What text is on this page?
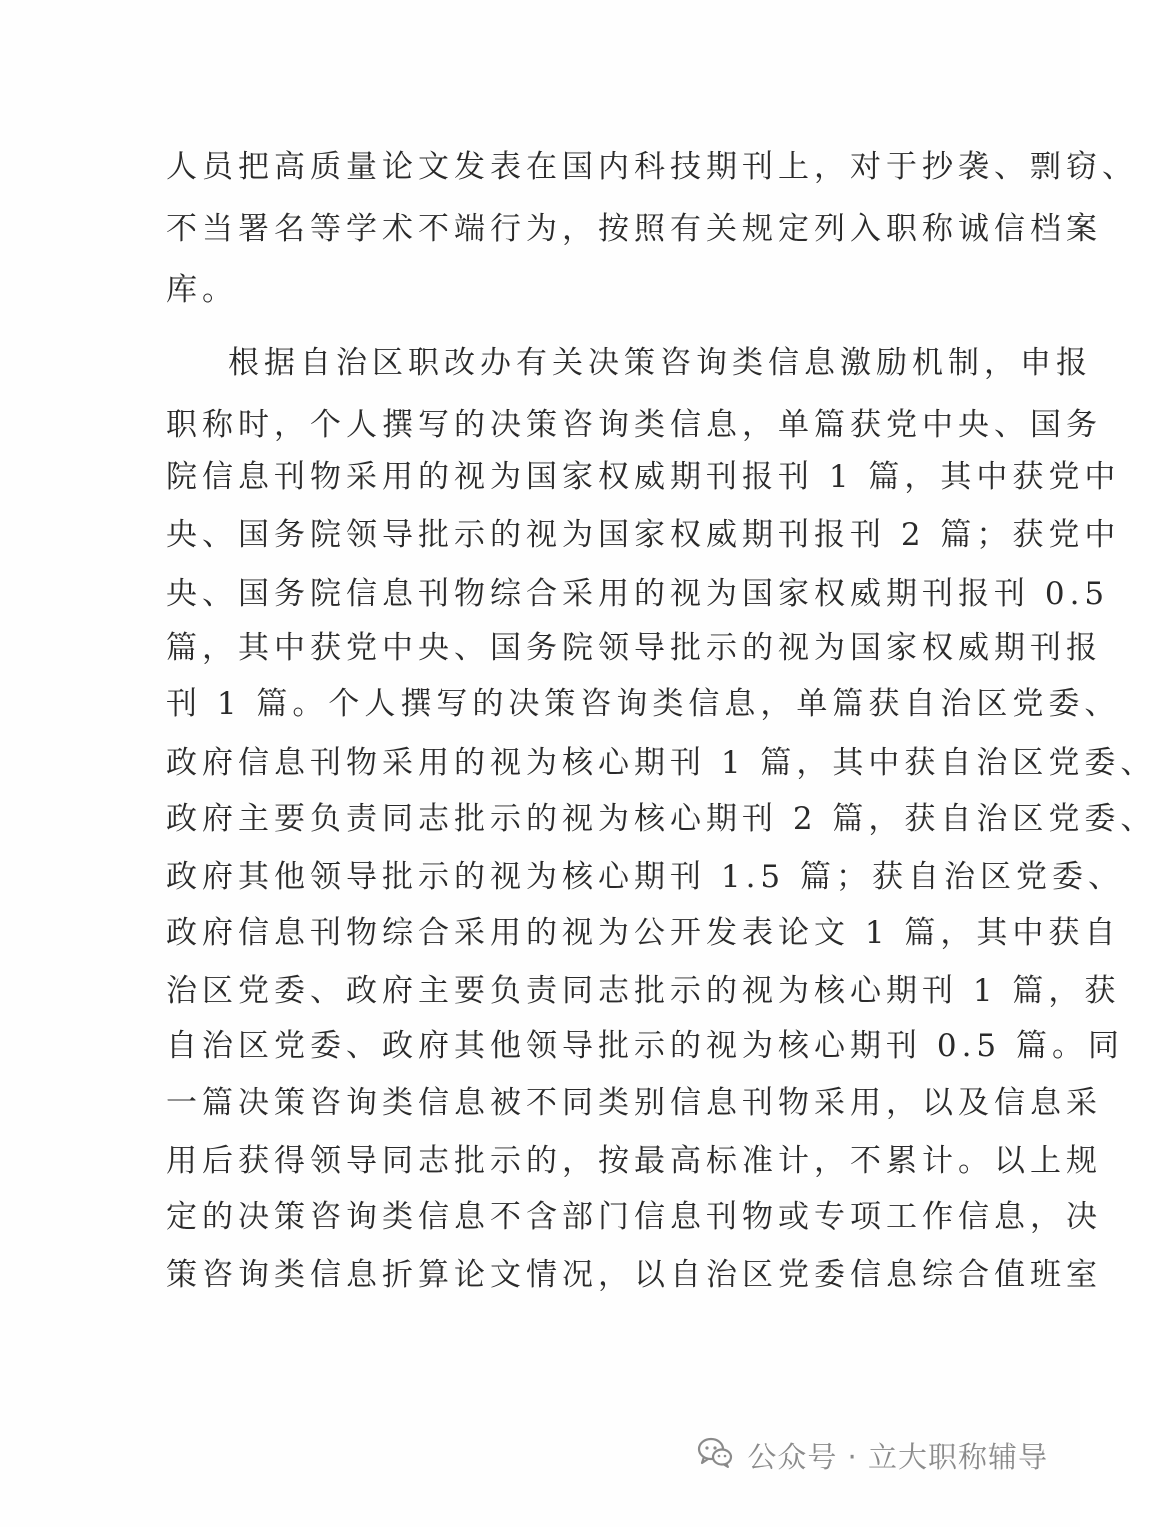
人员把高质量论文发表在国内科技期刊上，对于抄袭、剽窃、
不当署名等学术不端行为，按照有关规定列入职称诚信档案
库。
根据自治区职改办有关决策咨询类信息激励机制，申报
职称时，个人撰写的决策咨询类信息，单篇获党中央、国务
院信息刊物采用的视为国家权威期刊报刊 1 篇，其中获党中
央、国务院领导批示的视为国家权威期刊报刊 2 篇；获党中
央、国务院信息刊物综合采用的视为国家权威期刊报刊 0.5
篇，其中获党中央、国务院领导批示的视为国家权威期刊报
刊 1 篇。个人撰写的决策咨询类信息，单篇获自治区党委、
政府信息刊物采用的视为核心期刊 1 篇，其中获自治区党委、
政府主要负责同志批示的视为核心期刊 2 篇，获自治区党委、
政府其他领导批示的视为核心期刊 1.5 篇；获自治区党委、
政府信息刊物综合采用的视为公开发表论文 1 篇，其中获自
治区党委、政府主要负责同志批示的视为核心期刊 1 篇，获
自治区党委、政府其他领导批示的视为核心期刊 0.5 篇。同
一篇决策咨询类信息被不同类别信息刊物采用，以及信息采
用后获得领导同志批示的，按最高标准计，不累计。以上规
定的决策咨询类信息不含部门信息刊物或专项工作信息，决
策咨询类信息折算论文情况，以自治区党委信息综合值班室
公众号 · 立大职称辅导
